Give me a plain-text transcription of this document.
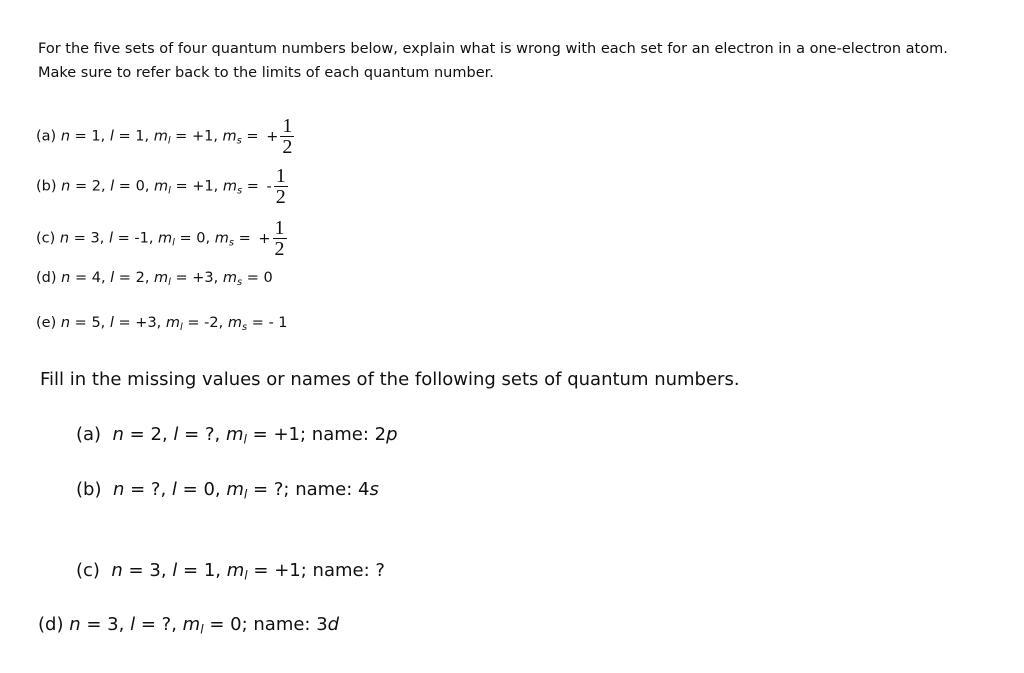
For the five sets of four quantum numbers below, explain what is wrong with each set for an electron in a one-electron atom.
Make sure to refer back to the limits of each quantum number.
(a) n = 1, l = 1, $m_l = +1$, $m_s$ = + $\frac{1}{2}$
(b) n = 2, l = 0, $m_l = +1$, $m_s$ = - $\frac{1}{2}$
(c) n = 3, l = -1, $m_l = 0$, $m_s$ = + $\frac{1}{2}$
(d) n = 4, l = 2, $m_l = +3$, $m_s = 0$
(e) n = 5, l = +3, $m_l = -2$, $m_s$ = - 1
Fill in the missing values or names of the following sets of quantum numbers.
(a) n = 2, l = ?, $m_l = +1$; name: 2p
(b) n = ?, l = 0, $m_l$ = ?; name: 4s
(c) n = 3, l = 1, $m_l = +1$; name: ?
(d) n = 3, l = ?, $m_l = 0$; name: 3d
